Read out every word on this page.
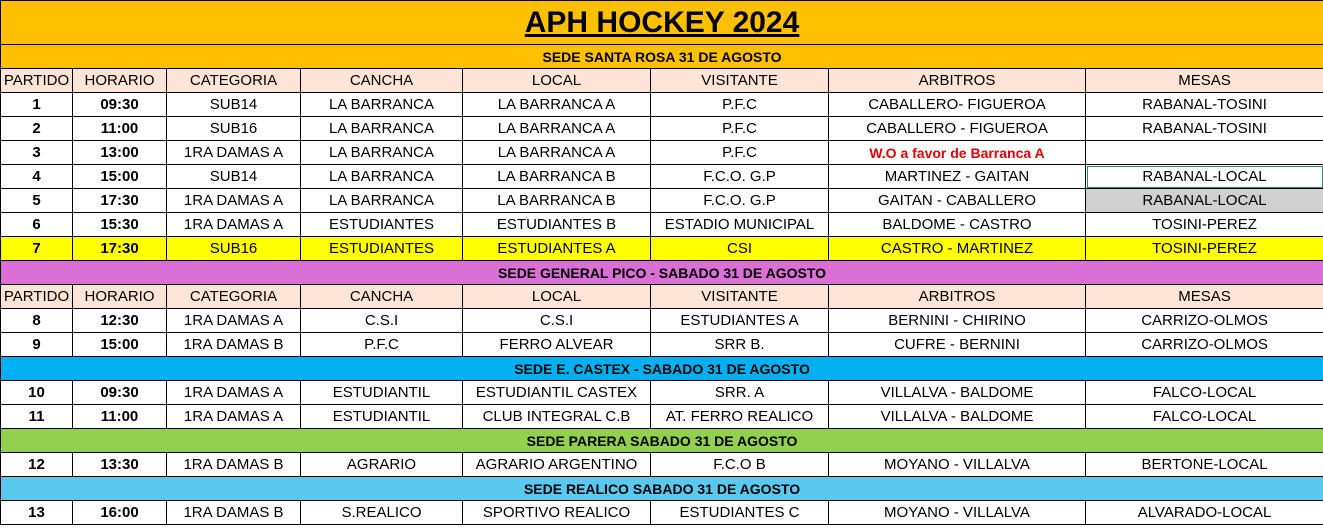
APH HOCKEY 2024							
SEDE SANTA ROSA 31 DE AGOSTO							
PARTIDO	HORARIO	CATEGORIA	CANCHA	LOCAL	VISITANTE	ARBITROS	MESAS
1	09:30	SUB14	LA BARRANCA	LA BARRANCA A	P.F.C	CABALLERO- FIGUEROA	RABANAL-TOSINI
2	11:00	SUB16	LA BARRANCA	LA BARRANCA A	P.F.C	CABALLERO - FIGUEROA	RABANAL-TOSINI
3	13:00	1RA DAMAS A	LA BARRANCA	LA BARRANCA A	P.F.C	W.O a favor de Barranca A	
4	15:00	SUB14	LA BARRANCA	LA BARRANCA B	F.C.O. G.P	MARTINEZ - GAITAN	RABANAL-LOCAL
5	17:30	1RA DAMAS A	LA BARRANCA	LA BARRANCA B	F.C.O. G.P	GAITAN - CABALLERO	RABANAL-LOCAL
6	15:30	1RA DAMAS A	ESTUDIANTES	ESTUDIANTES B	ESTADIO MUNICIPAL	BALDOME - CASTRO	TOSINI-PEREZ
7	17:30	SUB16	ESTUDIANTES	ESTUDIANTES A	CSI	CASTRO - MARTINEZ	TOSINI-PEREZ
SEDE GENERAL PICO - SABADO 31 DE AGOSTO							
PARTIDO	HORARIO	CATEGORIA	CANCHA	LOCAL	VISITANTE	ARBITROS	MESAS
8	12:30	1RA DAMAS A	C.S.I	C.S.I	ESTUDIANTES A	BERNINI - CHIRINO	CARRIZO-OLMOS
9	15:00	1RA DAMAS B	P.F.C	FERRO ALVEAR	SRR B.	CUFRE - BERNINI	CARRIZO-OLMOS
SEDE E. CASTEX - SABADO 31 DE AGOSTO							
10	09:30	1RA DAMAS A	ESTUDIANTIL	ESTUDIANTIL CASTEX	SRR. A	VILLALVA - BALDOME	FALCO-LOCAL
11	11:00	1RA DAMAS A	ESTUDIANTIL	CLUB INTEGRAL C.B	AT. FERRO REALICO	VILLALVA - BALDOME	FALCO-LOCAL
SEDE PARERA SABADO 31 DE AGOSTO							
12	13:30	1RA DAMAS B	AGRARIO	AGRARIO ARGENTINO	F.C.O B	MOYANO - VILLALVA	BERTONE-LOCAL
SEDE REALICO SABADO 31 DE AGOSTO							
13	16:00	1RA DAMAS B	S.REALICO	SPORTIVO REALICO	ESTUDIANTES C	MOYANO - VILLALVA	ALVARADO-LOCAL
